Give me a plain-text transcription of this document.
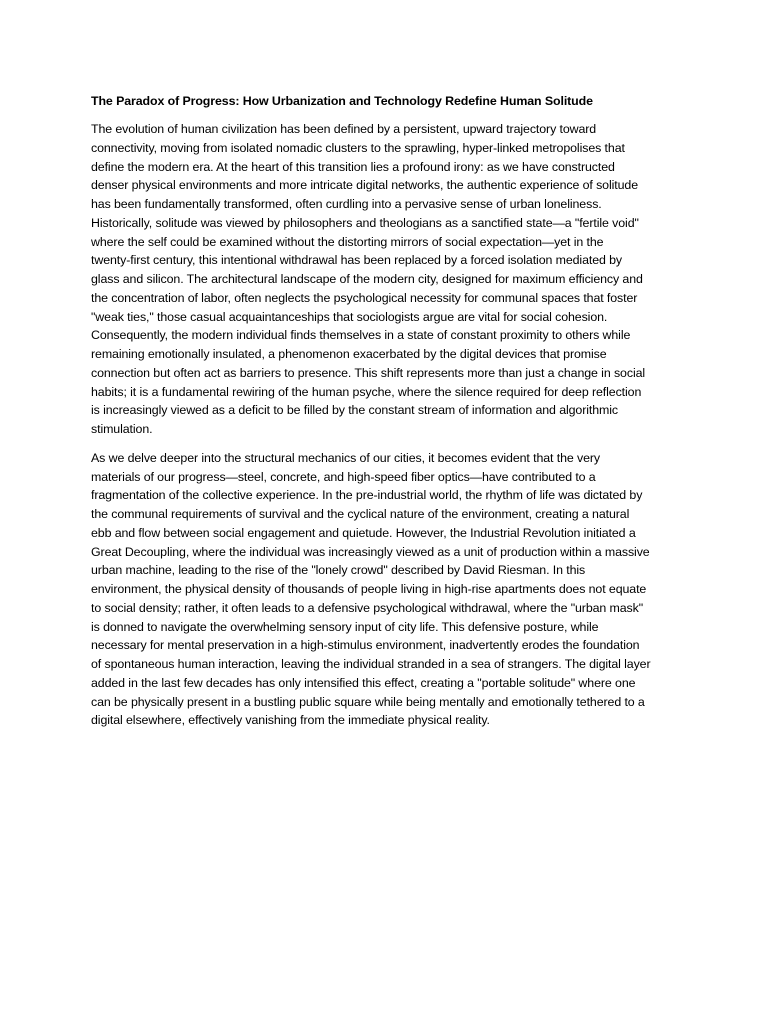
The Paradox of Progress: How Urbanization and Technology Redefine Human Solitude

The evolution of human civilization has been defined by a persistent, upward trajectory toward
connectivity, moving from isolated nomadic clusters to the sprawling, hyper-linked metropolises that
define the modern era. At the heart of this transition lies a profound irony: as we have constructed
denser physical environments and more intricate digital networks, the authentic experience of solitude
has been fundamentally transformed, often curdling into a pervasive sense of urban loneliness.
Historically, solitude was viewed by philosophers and theologians as a sanctified state—a "fertile void"
where the self could be examined without the distorting mirrors of social expectation—yet in the
twenty-first century, this intentional withdrawal has been replaced by a forced isolation mediated by
glass and silicon. The architectural landscape of the modern city, designed for maximum efficiency and
the concentration of labor, often neglects the psychological necessity for communal spaces that foster
"weak ties," those casual acquaintanceships that sociologists argue are vital for social cohesion.
Consequently, the modern individual finds themselves in a state of constant proximity to others while
remaining emotionally insulated, a phenomenon exacerbated by the digital devices that promise
connection but often act as barriers to presence. This shift represents more than just a change in social
habits; it is a fundamental rewiring of the human psyche, where the silence required for deep reflection
is increasingly viewed as a deficit to be filled by the constant stream of information and algorithmic
stimulation.

As we delve deeper into the structural mechanics of our cities, it becomes evident that the very
materials of our progress—steel, concrete, and high-speed fiber optics—have contributed to a
fragmentation of the collective experience. In the pre-industrial world, the rhythm of life was dictated by
the communal requirements of survival and the cyclical nature of the environment, creating a natural
ebb and flow between social engagement and quietude. However, the Industrial Revolution initiated a
Great Decoupling, where the individual was increasingly viewed as a unit of production within a massive
urban machine, leading to the rise of the "lonely crowd" described by David Riesman. In this
environment, the physical density of thousands of people living in high-rise apartments does not equate
to social density; rather, it often leads to a defensive psychological withdrawal, where the "urban mask"
is donned to navigate the overwhelming sensory input of city life. This defensive posture, while
necessary for mental preservation in a high-stimulus environment, inadvertently erodes the foundation
of spontaneous human interaction, leaving the individual stranded in a sea of strangers. The digital layer
added in the last few decades has only intensified this effect, creating a "portable solitude" where one
can be physically present in a bustling public square while being mentally and emotionally tethered to a
digital elsewhere, effectively vanishing from the immediate physical reality.
